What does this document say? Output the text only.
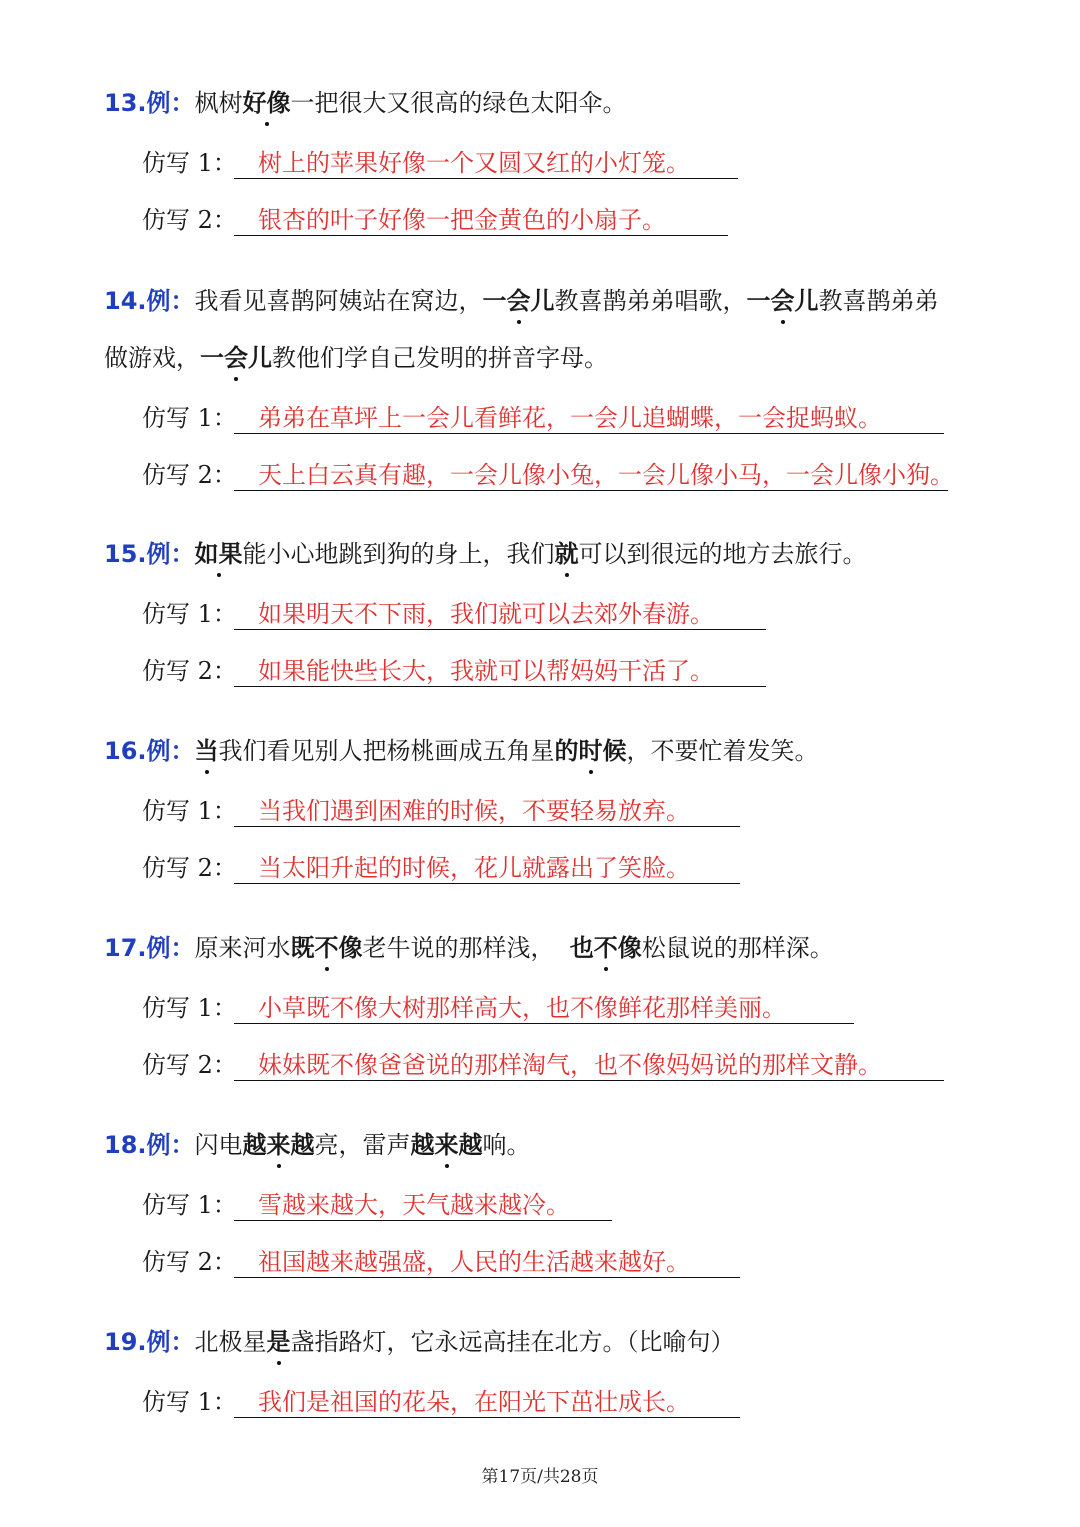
13.例：枫树好像一把很大又很高的绿色太阳伞。
仿写 1： 树上的苹果好像一个又圆又红的小灯笼。
仿写 2： 银杏的叶子好像一把金黄色的小扇子。
14.例：我看见喜鹊阿姨站在窝边，一会儿教喜鹊弟弟唱歌，一会儿教喜鹊弟弟
做游戏，一会儿教他们学自己发明的拼音字母。
仿写 1： 弟弟在草坪上一会儿看鲜花，一会儿追蝴蝶，一会捉蚂蚁。
仿写 2： 天上白云真有趣，一会儿像小兔，一会儿像小马，一会儿像小狗。
15.例：如果能小心地跳到狗的身上，我们就可以到很远的地方去旅行。
仿写 1： 如果明天不下雨，我们就可以去郊外春游。
仿写 2： 如果能快些长大，我就可以帮妈妈干活了。
16.例：当我们看见别人把杨桃画成五角星的时候，不要忙着发笑。
仿写 1： 当我们遇到困难的时候，不要轻易放弃。
仿写 2： 当太阳升起的时候，花儿就露出了笑脸。
17.例：原来河水既不像老牛说的那样浅，  也不像松鼠说的那样深。
仿写 1： 小草既不像大树那样高大，也不像鲜花那样美丽。
仿写 2： 妹妹既不像爸爸说的那样淘气，也不像妈妈说的那样文静。
18.例：闪电越来越亮，雷声越来越响。
仿写 1： 雪越来越大，天气越来越冷。
仿写 2： 祖国越来越强盛，人民的生活越来越好。
19.例：北极星是盏指路灯，它永远高挂在北方。（比喻句）
仿写 1： 我们是祖国的花朵，在阳光下茁壮成长。
第17页/共28页
